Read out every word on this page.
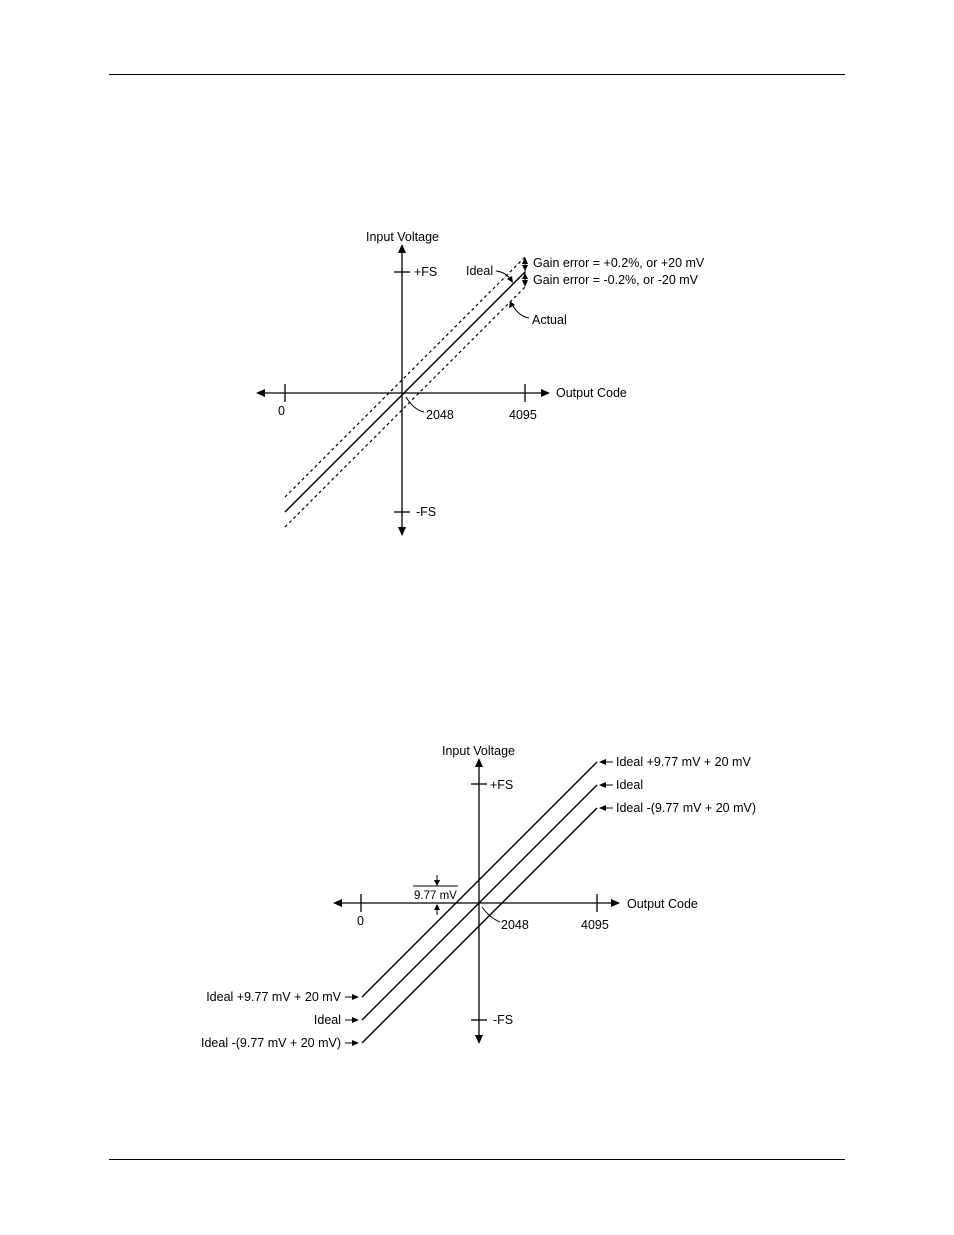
Input Voltage
Output Code
+FS
-FS
0	2048	4095
Ideal
Actual
Gain error = +0.2%, or +20 mV
Gain error = -0.2%, or -20 mV
9.77 mV
Input Voltage
Output Code
+FS
-FS
0	2048	4095
Ideal +9.77 mV + 20 mV
Ideal
Ideal -(9.77 mV + 20 mV)
Ideal +9.77 mV + 20 mV
Ideal
Ideal -(9.77 mV + 20 mV)
